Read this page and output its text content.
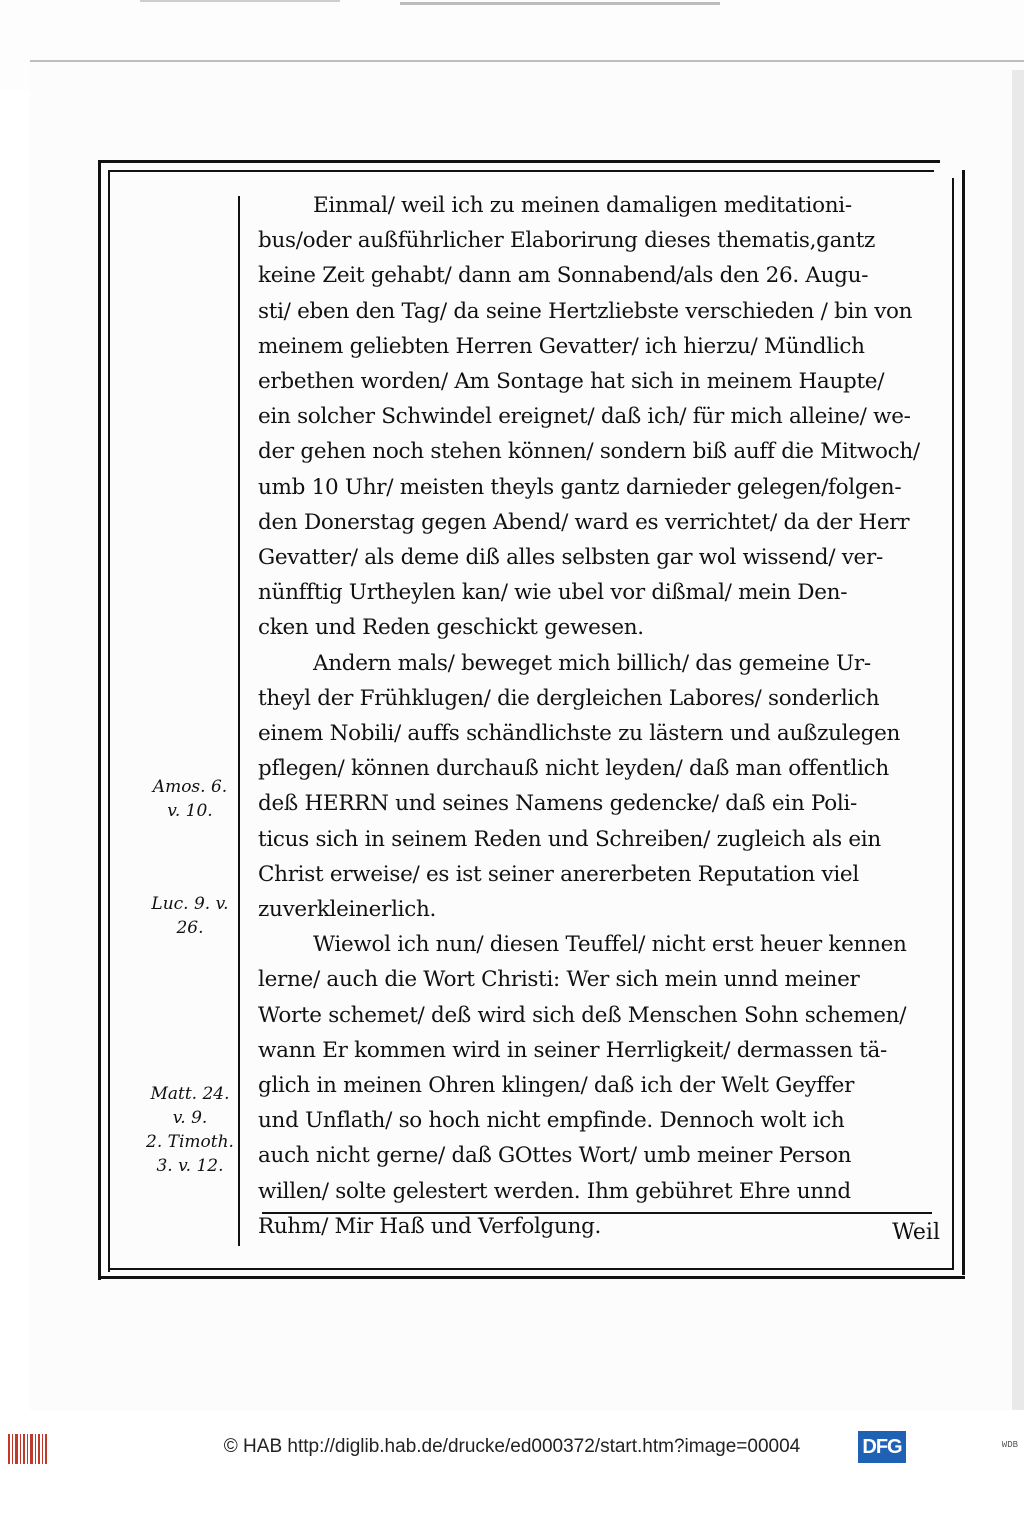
Amos. 6.
v. 10.
Luc. 9. v.
26.
Matt. 24.
v. 9.
2. Timoth.
3. v. 12.
Einmal/ weil ich zu meinen damaligen meditationi-
bus/oder außführlicher Elaborirung dieses thematis,gantz
keine Zeit gehabt/ dann am Sonnabend/als den 26. Augu-
sti/ eben den Tag/ da seine Hertzliebste verschieden / bin von
meinem geliebten Herren Gevatter/ ich hierzu/ Mündlich
erbethen worden/ Am Sontage hat sich in meinem Haupte/
ein solcher Schwindel ereignet/ daß ich/ für mich alleine/ we-
der gehen noch stehen können/ sondern biß auff die Mitwoch/
umb 10 Uhr/ meisten theyls gantz darnieder gelegen/folgen-
den Donerstag gegen Abend/ ward es verrichtet/ da der Herr
Gevatter/ als deme diß alles selbsten gar wol wissend/ ver-
nünfftig Urtheylen kan/ wie ubel vor dißmal/ mein Den-
cken und Reden geschickt gewesen.
Andern mals/ beweget mich billich/ das gemeine Ur-
theyl der Frühklugen/ die dergleichen Labores/ sonderlich
einem Nobili/ auffs schändlichste zu lästern und außzulegen
pflegen/ können durchauß nicht leyden/ daß man offentlich
deß HERRN und seines Namens gedencke/ daß ein Poli-
ticus sich in seinem Reden und Schreiben/ zugleich als ein
Christ erweise/ es ist seiner anererbeten Reputation viel
zuverkleinerlich.
Wiewol ich nun/ diesen Teuffel/ nicht erst heuer kennen
lerne/ auch die Wort Christi: Wer sich mein unnd meiner
Worte schemet/ deß wird sich deß Menschen Sohn schemen/
wann Er kommen wird in seiner Herrligkeit/ dermassen tä-
glich in meinen Ohren klingen/ daß ich der Welt Geyffer
und Unflath/ so hoch nicht empfinde. Dennoch wolt ich
auch nicht gerne/ daß GOttes Wort/ umb meiner Person
willen/ solte gelestert werden. Ihm gebühret Ehre unnd
Ruhm/ Mir Haß und Verfolgung.	Weil
© HAB http://diglib.hab.de/drucke/ed000372/start.htm?image=00004	DFG	WDB
